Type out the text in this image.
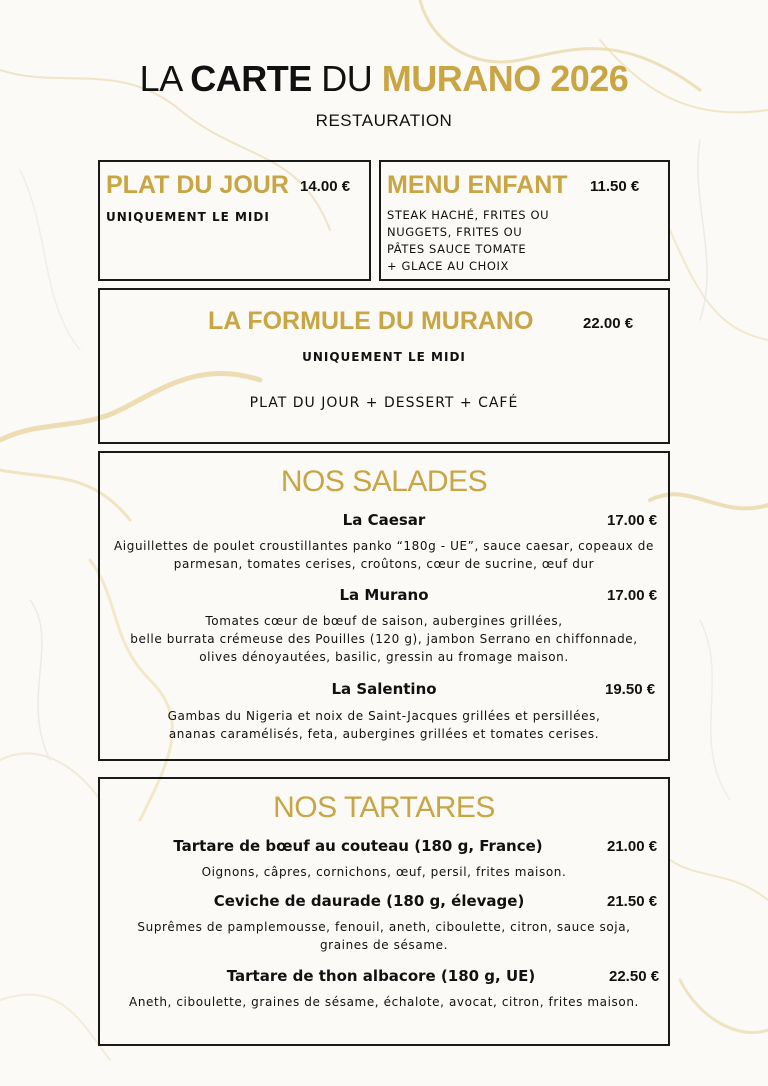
LA CARTE DU MURANO 2026
RESTAURATION
PLAT DU JOUR 14.00 €
UNIQUEMENT LE MIDI
MENU ENFANT 11.50 €
STEAK HACHÉ, FRITES OU
NUGGETS, FRITES OU
PÂTES SAUCE TOMATE
+ GLACE AU CHOIX
LA FORMULE DU MURANO	22.00 €
UNIQUEMENT LE MIDI
PLAT DU JOUR + DESSERT + CAFÉ
NOS SALADES
La Caesar	17.00 €
Aiguillettes de poulet croustillantes panko “180g - UE”, sauce caesar, copeaux de
parmesan, tomates cerises, croûtons, cœur de sucrine, œuf dur
La Murano	17.00 €
Tomates cœur de bœuf de saison, aubergines grillées,
belle burrata crémeuse des Pouilles (120 g), jambon Serrano en chiffonnade,
olives dénoyautées, basilic, gressin au fromage maison.
La Salentino	19.50 €
Gambas du Nigeria et noix de Saint-Jacques grillées et persillées,
ananas caramélisés, feta, aubergines grillées et tomates cerises.
NOS TARTARES
Tartare de bœuf au couteau (180 g, France)	21.00 €
Oignons, câpres, cornichons, œuf, persil, frites maison.
Ceviche de daurade (180 g, élevage)	21.50 €
Suprêmes de pamplemousse, fenouil, aneth, ciboulette, citron, sauce soja,
graines de sésame.
Tartare de thon albacore (180 g, UE)	22.50 €
Aneth, ciboulette, graines de sésame, échalote, avocat, citron, frites maison.
